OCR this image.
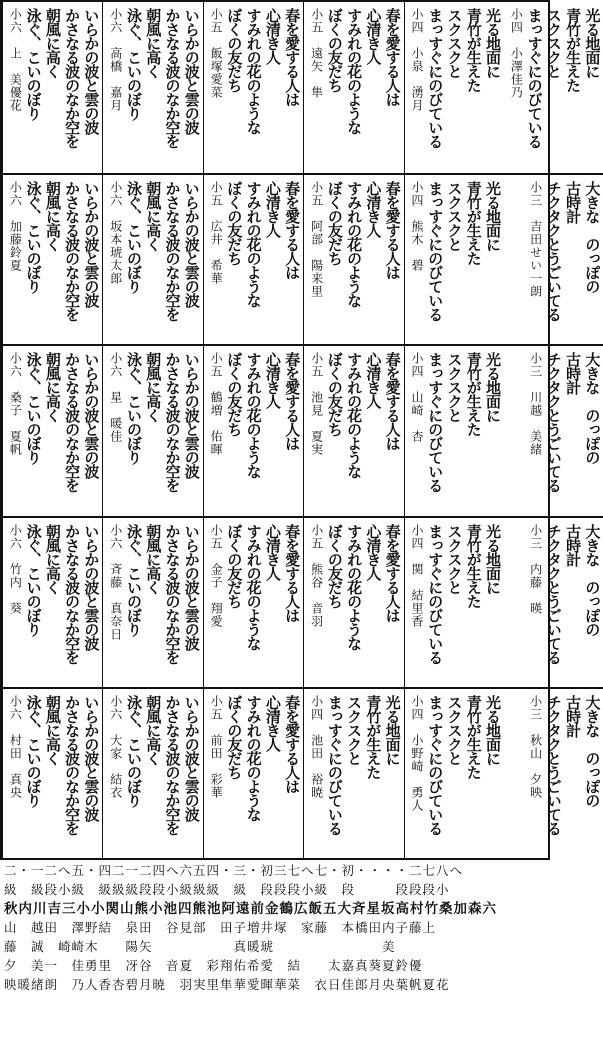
いらかの波と雲の波
かさなる波のなか空を
朝風に高く
泳ぐ、こいのぼり
小六　上　美優花	いらかの波と雲の波
かさなる波のなか空を
朝風に高く
泳ぐ、こいのぼり
小六　高橋　嘉月	春を愛する人は
心清き人
すみれの花のような
ぼくの友だち
小五　飯塚愛菜	春を愛する人は
心清き人
すみれの花のような
ぼくの友だち
小五　遠矢　隼	光る地面に
青竹が生えた
スクスクと
まっすぐにのびている
小四　小泉　湧月	光る地面に
青竹が生えた
スクスクと
まっすぐにのびている
小四　小澤佳乃
いらかの波と雲の波
かさなる波のなか空を
朝風に高く
泳ぐ、こいのぼり
小六　加藤鈴夏	いらかの波と雲の波
かさなる波のなか空を
朝風に高く
泳ぐ、こいのぼり
小六　坂本琥太郎	春を愛する人は
心清き人
すみれの花のような
ぼくの友だち
小五　広井　希華	春を愛する人は
心清き人
すみれの花のような
ぼくの友だち
小五　阿部　陽来里	光る地面に
青竹が生えた
スクスクと
まっすぐにのびている
小四　熊木　碧	大きな　のっぽの
古時計
チクタクとうごいてる
小三　吉田せい一朗
いらかの波と雲の波
かさなる波のなか空を
朝風に高く
泳ぐ、こいのぼり
小六　桑子　夏帆	いらかの波と雲の波
かさなる波のなか空を
朝風に高く
泳ぐ、こいのぼり
小六　星　暖佳	春を愛する人は
心清き人
すみれの花のような
ぼくの友だち
小五　鶴増　佑暉	春を愛する人は
心清き人
すみれの花のような
ぼくの友だち
小五　池見　夏実	光る地面に
青竹が生えた
スクスクと
まっすぐにのびている
小四　山崎　杏	大きな　のっぽの
古時計
チクタクとうごいてる
小三　川越　美緒
いらかの波と雲の波
かさなる波のなか空を
朝風に高く
泳ぐ、こいのぼり
小六　竹内　葵	いらかの波と雲の波
かさなる波のなか空を
朝風に高く
泳ぐ、こいのぼり
小六　斉藤　真奈日	春を愛する人は
心清き人
すみれの花のような
ぼくの友だち
小五　金子　翔愛	春を愛する人は
心清き人
すみれの花のような
ぼくの友だち
小五　熊谷　音羽	光る地面に
青竹が生えた
スクスクと
まっすぐにのびている
小四　関　結里香	大きな　のっぽの
古時計
チクタクとうごいてる
小三　内藤　暎
いらかの波と雲の波
かさなる波のなか空を
朝風に高く
泳ぐ、こいのぼり
小六　村田　真央	いらかの波と雲の波
かさなる波のなか空を
朝風に高く
泳ぐ、こいのぼり
小六　大家　結衣	春を愛する人は
心清き人
すみれの花のような
ぼくの友だち
小五　前田　彩華	光る地面に
青竹が生えた
スクスクと
まっすぐにのびている
小四　池田　裕暁	光る地面に
青竹が生えた
スクスクと
まっすぐにのびている
小四　小野崎　勇人	大きな　のっぽの
古時計
チクタクとうごいてる
小三　秋山　夕映
二・一二へ五・四二一二四へ六五四・三・初三七へ七・初・・・・二七八へ
級　級段小級　級級級段段小級級級　級　段段段小級　段　　　段段段小
秋内川吉三小小関山熊小池四熊池阿遠前金鶴広飯五大斉星坂高村竹桑加森六
山　越田　澤野結　泉田　谷見部　田子増井塚　家藤　本橋田内子藤上
藤　誠　崎崎木　　陽矢　　　　　　真暖琥　　　　　　　　美
夕　美一　佳勇里　冴谷　音夏　彩翔佑希愛　結　　太嘉真葵夏鈴優
映暖緒朗　乃人香杏碧月暁　羽実里隼華愛暉華菜　衣日佳郎月央葉帆夏花
